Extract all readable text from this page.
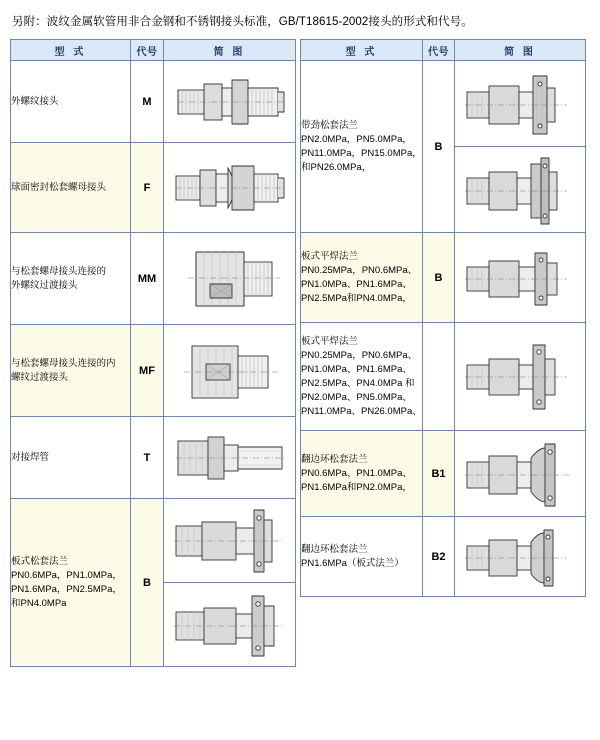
另附：波纹金属软管用非合金钢和不锈钢接头标准，GB/T18615-2002接头的形式和代号。
型 式	代号	简 图

外螺纹接头	M	

球面密封松套螺母接头	F	

与松套螺母接头连接的
外螺纹过渡接头	MM	

与松套螺母接头连接的内
螺纹过渡接头	MF	

对接焊管	T	

板式松套法兰
PN0.6MPa，PN1.0MPa，
PN1.6MPa，PN2.5MPa，
和PN4.0MPa	B	

型 式	代号	简 图

带劲松套法兰
PN2.0MPa，PN5.0MPa，
PN11.0MPa，PN15.0MPa，
和PN26.0MPa，	B	

板式平焊法兰
PN0.25MPa，PN0.6MPa、
PN1.0MPa、PN1.6MPa、
PN2.5MPa和PN4.0MPa，	B	

板式平焊法兰
PN0.25MPa，PN0.6MPa、
PN1.0MPa、PN1.6MPa、
PN2.5MPa、PN4.0MPa 和
PN2.0MPa、PN5.0MPa、
PN11.0MPa、PN26.0MPa、

翻边环松套法兰
PN0.6MPa、PN1.0MPa、
PN1.6MPa和PN2.0MPa，	B1	

翻边环松套法兰
PN1.6MPa（板式法兰）	B2	
